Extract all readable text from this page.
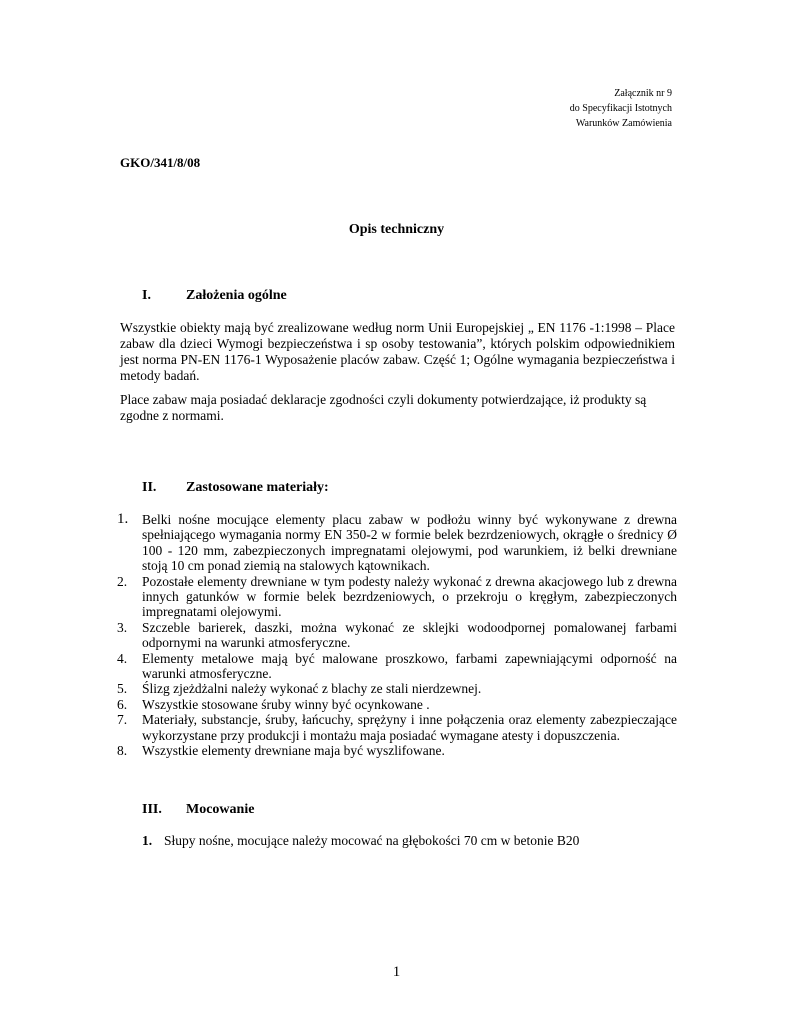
Załącznik nr 9
do Specyfikacji Istotnych
Warunków Zamówienia
GKO/341/8/08
Opis techniczny
I.	Założenia ogólne
Wszystkie obiekty mają być zrealizowane według norm Unii Europejskiej „ EN 1176 -1:1998 – Place zabaw dla dzieci Wymogi bezpieczeństwa i sp osoby testowania”, których polskim odpowiednikiem jest norma PN-EN 1176-1 Wyposażenie placów zabaw. Część 1; Ogólne wymagania bezpieczeństwa i metody badań.
Place zabaw maja posiadać deklaracje zgodności czyli dokumenty potwierdzające, iż produkty są zgodne z normami.
II. Zastosowane materiały:
1. Belki nośne mocujące elementy placu zabaw w podłożu winny być wykonywane z drewna spełniającego wymagania normy EN 350-2 w formie belek bezrdzeniowych, okrągłe o średnicy Ø 100 - 120 mm, zabezpieczonych impregnatami olejowymi, pod warunkiem, iż belki drewniane stoją 10 cm ponad ziemią na stalowych kątownikach.
2. Pozostałe elementy drewniane w tym podesty należy wykonać z drewna akacjowego lub z drewna innych gatunków w formie belek bezrdzeniowych, o przekroju o kręgłym, zabezpieczonych impregnatami olejowymi.
3. Szczeble barierek, daszki, można wykonać ze sklejki wodoodpornej pomalowanej farbami odpornymi na warunki atmosferyczne.
4. Elementy metalowe mają być malowane proszkowo, farbami zapewniającymi odporność na warunki atmosferyczne.
5. Ślizg zjeżdżalni należy wykonać z blachy ze stali nierdzewnej.
6. Wszystkie stosowane śruby winny być ocynkowane .
7. Materiały, substancje, śruby, łańcuchy, sprężyny i inne połączenia oraz elementy zabezpieczające wykorzystane przy produkcji i montażu maja posiadać wymagane atesty i dopuszczenia.
8. Wszystkie elementy drewniane maja być wyszlifowane.
III. Mocowanie
1. Słupy nośne, mocujące należy mocować na głębokości 70 cm w betonie B20
1
